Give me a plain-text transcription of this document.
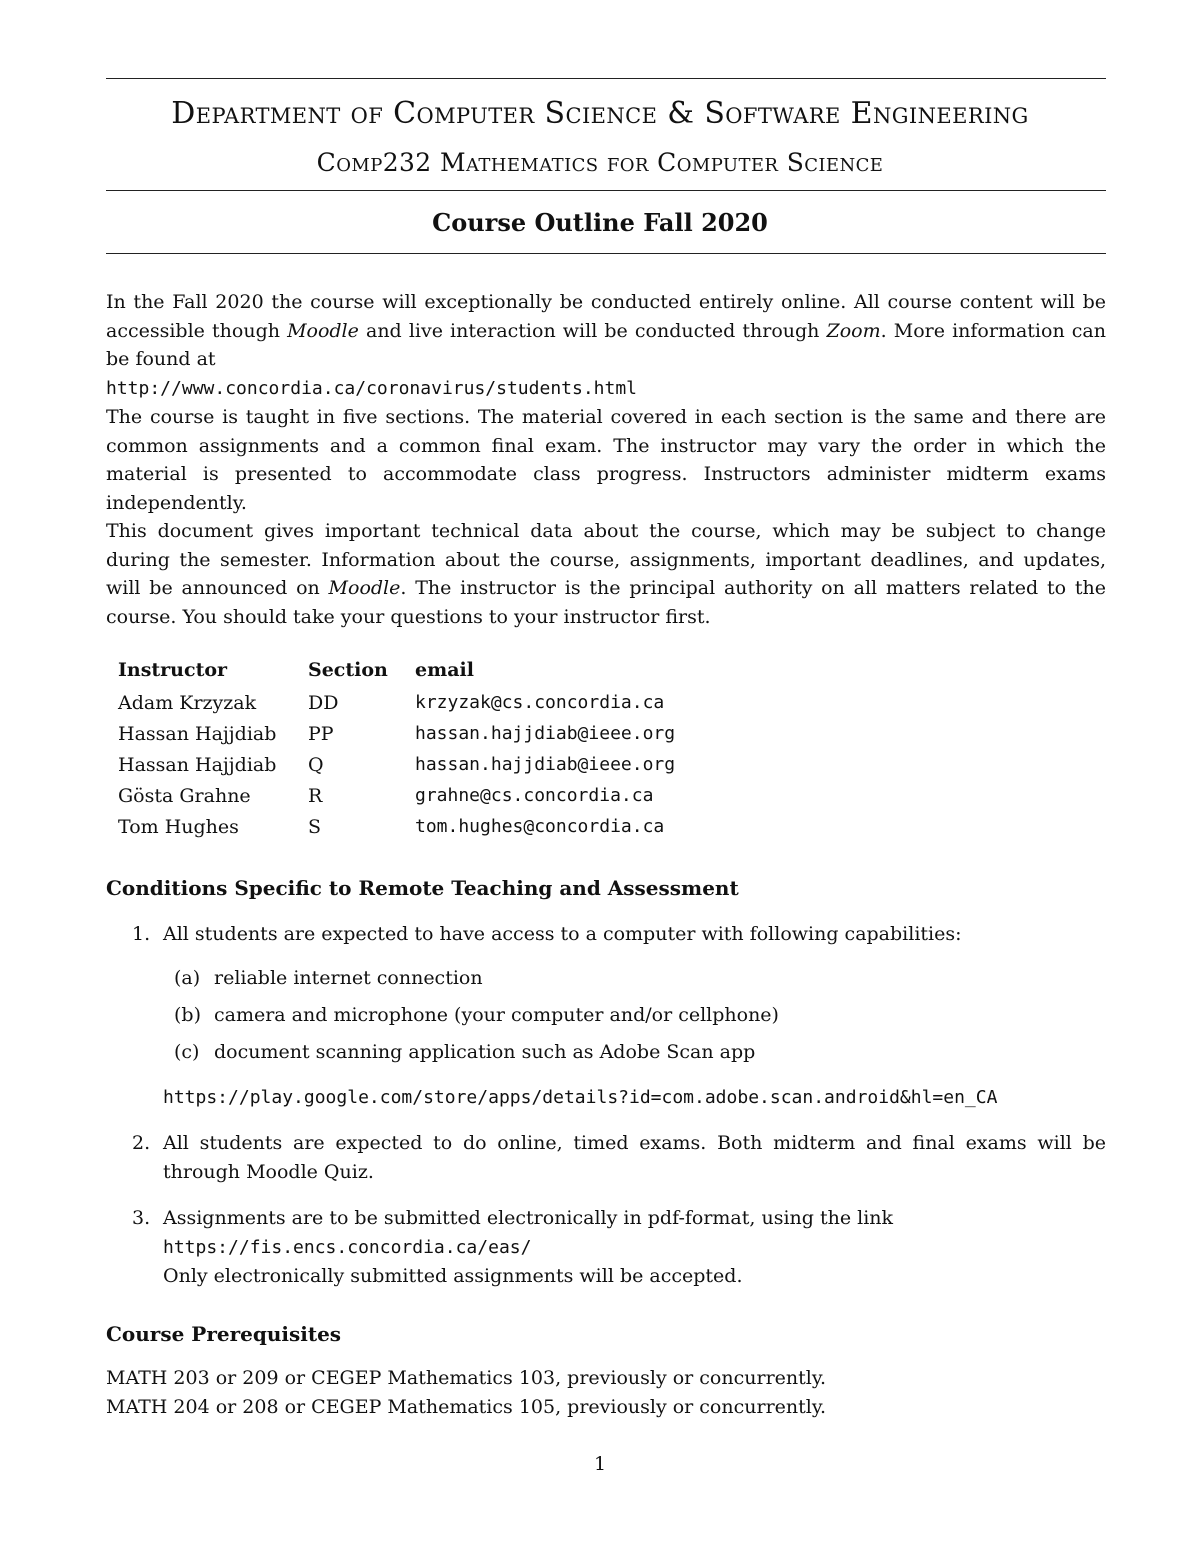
Department of Computer Science & Software Engineering
Comp232 Mathematics for Computer Science
Course Outline Fall 2020
In the Fall 2020 the course will exceptionally be conducted entirely online. All course content will be accessible though Moodle and live interaction will be conducted through Zoom. More information can be found at
http://www.concordia.ca/coronavirus/students.html
The course is taught in five sections. The material covered in each section is the same and there are common assignments and a common final exam. The instructor may vary the order in which the material is presented to accommodate class progress. Instructors administer midterm exams independently.
This document gives important technical data about the course, which may be subject to change during the semester. Information about the course, assignments, important deadlines, and updates, will be announced on Moodle. The instructor is the principal authority on all matters related to the course. You should take your questions to your instructor first.
Instructor	Section	email
Adam Krzyzak	DD	krzyzak@cs.concordia.ca
Hassan Hajjdiab	PP	hassan.hajjdiab@ieee.org
Hassan Hajjdiab	Q	hassan.hajjdiab@ieee.org
Gösta Grahne	R	grahne@cs.concordia.ca
Tom Hughes	S	tom.hughes@concordia.ca
Conditions Specific to Remote Teaching and Assessment
1. All students are expected to have access to a computer with following capabilities:
(a) reliable internet connection
(b) camera and microphone (your computer and/or cellphone)
(c) document scanning application such as Adobe Scan app
https://play.google.com/store/apps/details?id=com.adobe.scan.android&hl=en_CA
2. All students are expected to do online, timed exams. Both midterm and final exams will be through Moodle Quiz.
3. Assignments are to be submitted electronically in pdf-format, using the link
https://fis.encs.concordia.ca/eas/
Only electronically submitted assignments will be accepted.
Course Prerequisites
MATH 203 or 209 or CEGEP Mathematics 103, previously or concurrently.
MATH 204 or 208 or CEGEP Mathematics 105, previously or concurrently.
1
